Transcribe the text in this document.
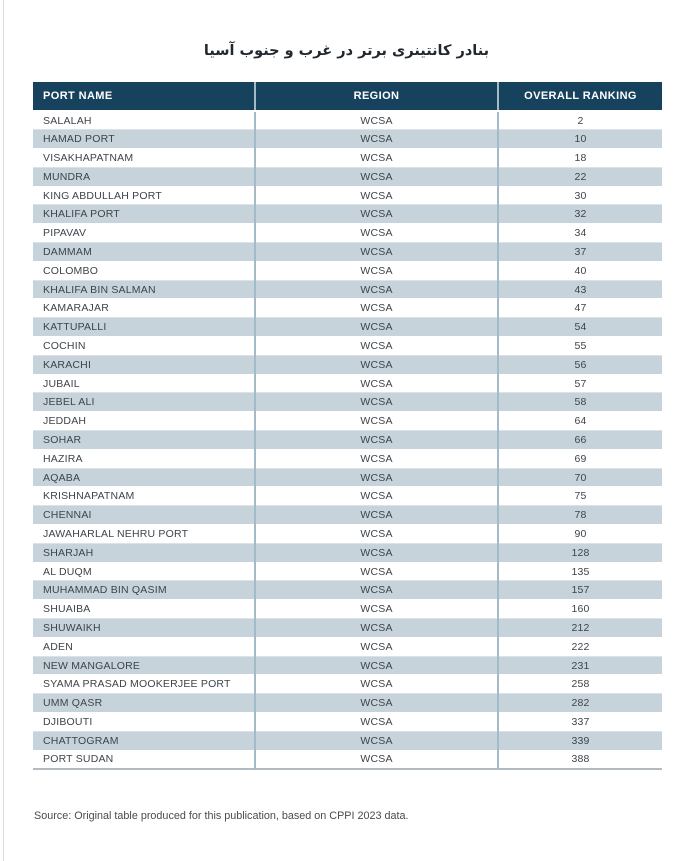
بنادر کانتینری برتر در غرب و جنوب آسیا
PORT NAME	REGION	OVERALL RANKING
SALALAH	WCSA	2
HAMAD PORT	WCSA	10
VISAKHAPATNAM	WCSA	18
MUNDRA	WCSA	22
KING ABDULLAH PORT	WCSA	30
KHALIFA PORT	WCSA	32
PIPAVAV	WCSA	34
DAMMAM	WCSA	37
COLOMBO	WCSA	40
KHALIFA BIN SALMAN	WCSA	43
KAMARAJAR	WCSA	47
KATTUPALLI	WCSA	54
COCHIN	WCSA	55
KARACHI	WCSA	56
JUBAIL	WCSA	57
JEBEL ALI	WCSA	58
JEDDAH	WCSA	64
SOHAR	WCSA	66
HAZIRA	WCSA	69
AQABA	WCSA	70
KRISHNAPATNAM	WCSA	75
CHENNAI	WCSA	78
JAWAHARLAL NEHRU PORT	WCSA	90
SHARJAH	WCSA	128
AL DUQM	WCSA	135
MUHAMMAD BIN QASIM	WCSA	157
SHUAIBA	WCSA	160
SHUWAIKH	WCSA	212
ADEN	WCSA	222
NEW MANGALORE	WCSA	231
SYAMA PRASAD MOOKERJEE PORT	WCSA	258
UMM QASR	WCSA	282
DJIBOUTI	WCSA	337
CHATTOGRAM	WCSA	339
PORT SUDAN	WCSA	388
Source: Original table produced for this publication, based on CPPI 2023 data.
